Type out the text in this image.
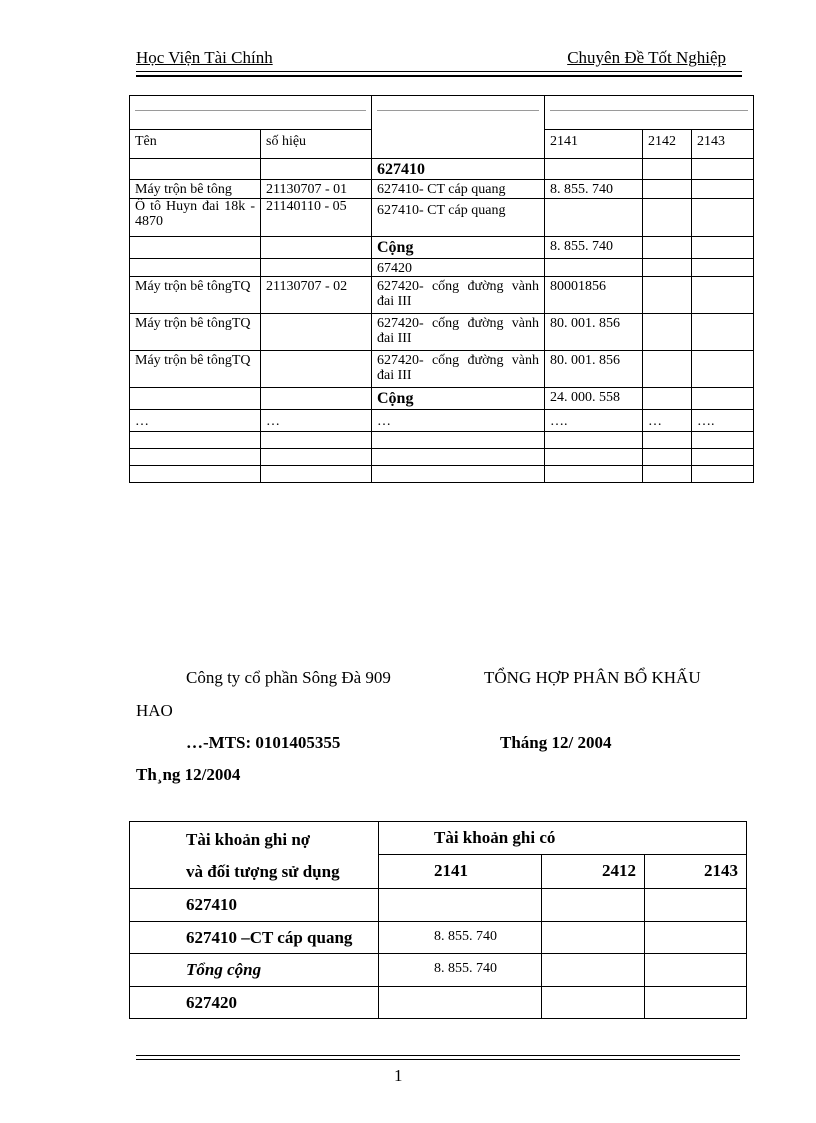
Học Viện Tài Chính	Chuyên Đề Tốt Nghiệp

Tên	số hiệu		2141	2142	2143
		627410			
Máy trộn bê tông	21130707 - 01	627410- CT cáp quang	8. 855. 740		
Ô tô Huyn đai 18k - 4870	21140110 - 05	627410- CT cáp quang			
		Cộng	8. 855. 740		
		67420			
Máy trộn bê tôngTQ	21130707 - 02	627420- cống đường vành đai III	80001856		
Máy trộn bê tôngTQ		627420- cống đường vành đai III	80. 001. 856		
Máy trộn bê tôngTQ		627420- cống đường vành đai III	80. 001. 856		
		Cộng	24. 000. 558		
…	…	…	….	…	….

Công ty cổ phần Sông Đà 909	TỔNG HỢP PHÂN BỔ KHẤU
HAO
…-MTS: 0101405355	Tháng 12/ 2004
Th¸ng 12/2004
Tài khoản ghi nợ
và đối tượng sử dụng	Tài khoản ghi có		
	2141	2412	2143
627410			
627410 –CT cáp quang	8. 855. 740		
Tổng cộng	8. 855. 740		
627420			
1
